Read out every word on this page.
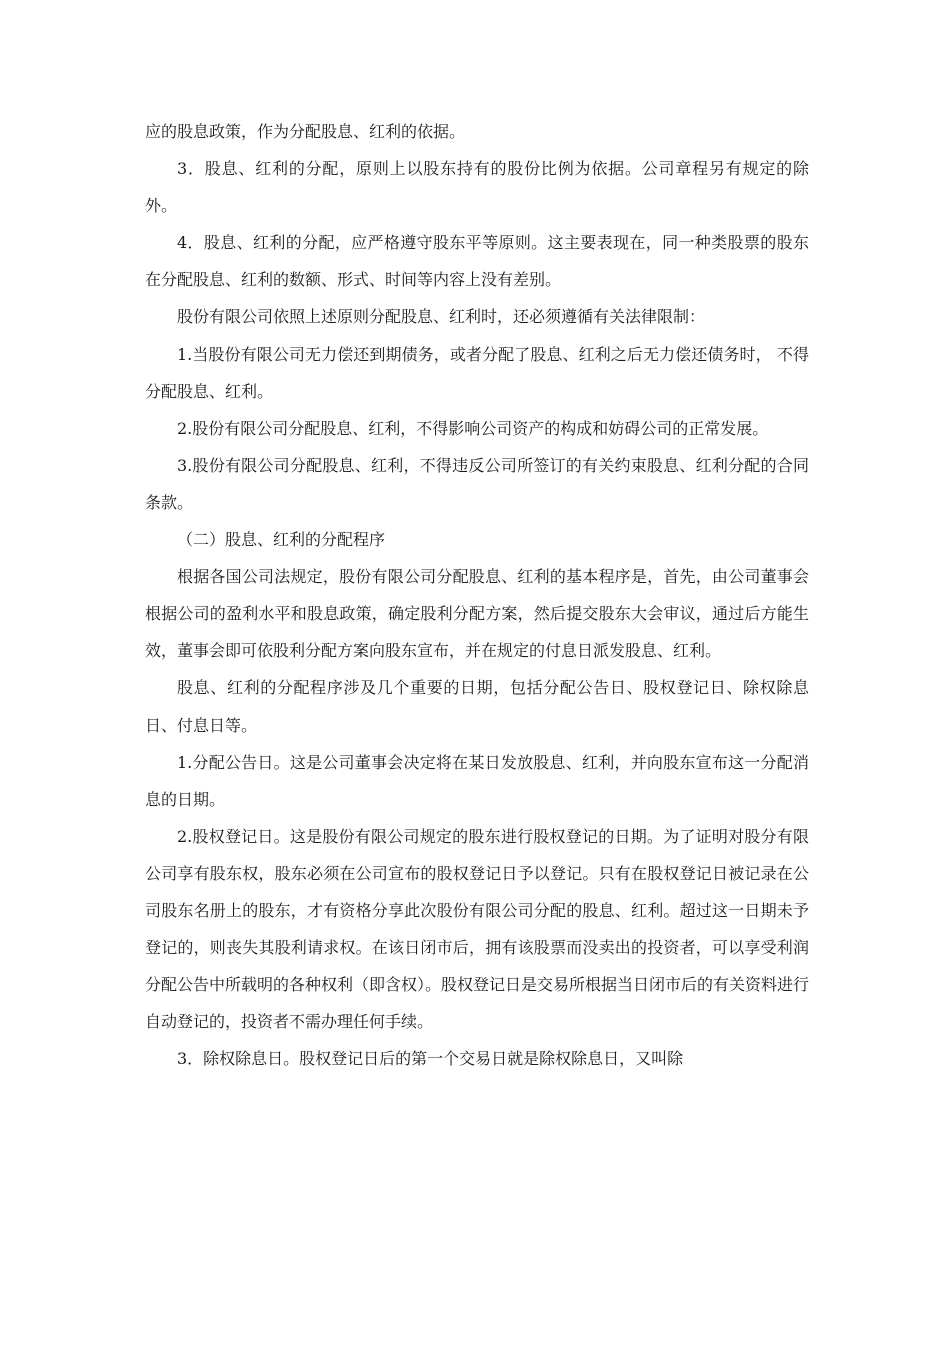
应的股息政策，作为分配股息、红利的依据。

3．股息、红利的分配，原则上以股东持有的股份比例为依据。公司章程另有规定的除外。

4．股息、红利的分配，应严格遵守股东平等原则。这主要表现在，同一种类股票的股东在分配股息、红利的数额、形式、时间等内容上没有差别。

股份有限公司依照上述原则分配股息、红利时，还必须遵循有关法律限制：

1.当股份有限公司无力偿还到期债务，或者分配了股息、红利之后无力偿还债务时， 不得分配股息、红利。

2.股份有限公司分配股息、红利，不得影响公司资产的构成和妨碍公司的正常发展。

3.股份有限公司分配股息、红利，不得违反公司所签订的有关约束股息、红利分配的合同条款。

（二）股息、红利的分配程序

根据各国公司法规定，股份有限公司分配股息、红利的基本程序是，首先，由公司董事会根据公司的盈利水平和股息政策，确定股利分配方案，然后提交股东大会审议，通过后方能生效，董事会即可依股利分配方案向股东宣布，并在规定的付息日派发股息、红利。

股息、红利的分配程序涉及几个重要的日期，包括分配公告日、股权登记日、除权除息日、付息日等。

1.分配公告日。这是公司董事会决定将在某日发放股息、红利，并向股东宣布这一分配消息的日期。

2.股权登记日。这是股份有限公司规定的股东进行股权登记的日期。为了证明对股分有限公司享有股东权，股东必须在公司宣布的股权登记日予以登记。只有在股权登记日被记录在公司股东名册上的股东，才有资格分享此次股份有限公司分配的股息、红利。超过这一日期未予登记的，则丧失其股利请求权。在该日闭市后，拥有该股票而没卖出的投资者，可以享受利润分配公告中所载明的各种权利（即含权）。股权登记日是交易所根据当日闭市后的有关资料进行自动登记的，投资者不需办理任何手续。

3．除权除息日。股权登记日后的第一个交易日就是除权除息日，又叫除
